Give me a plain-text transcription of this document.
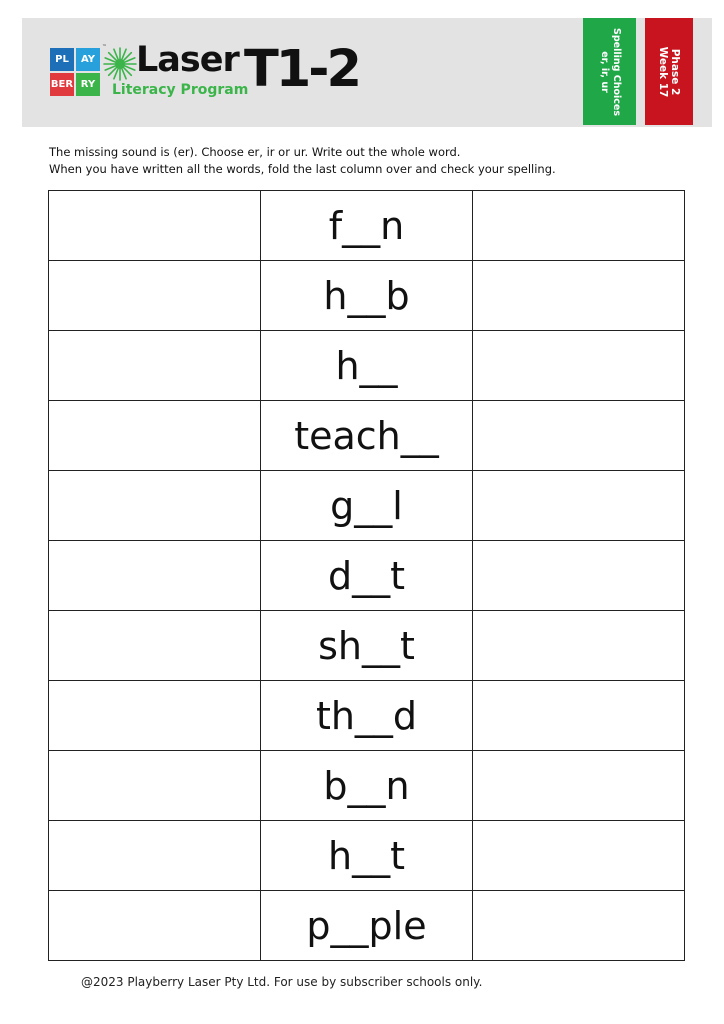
PL	AY
BER RY
™ Laser
Literacy Program
T1-2	Spelling Choices
er, ir, ur	Phase 2
Week 17
The missing sound is (er). Choose er, ir or ur. Write out the whole word.
When you have written all the words, fold the last column over and check your spelling.
	f__n	
	h__b	
	h__	
	teach__	
	g__l	
	d__t	
	sh__t	
	th__d	
	b__n	
	h__t	
	p__ple	
@2023 Playberry Laser Pty Ltd. For use by subscriber schools only.
